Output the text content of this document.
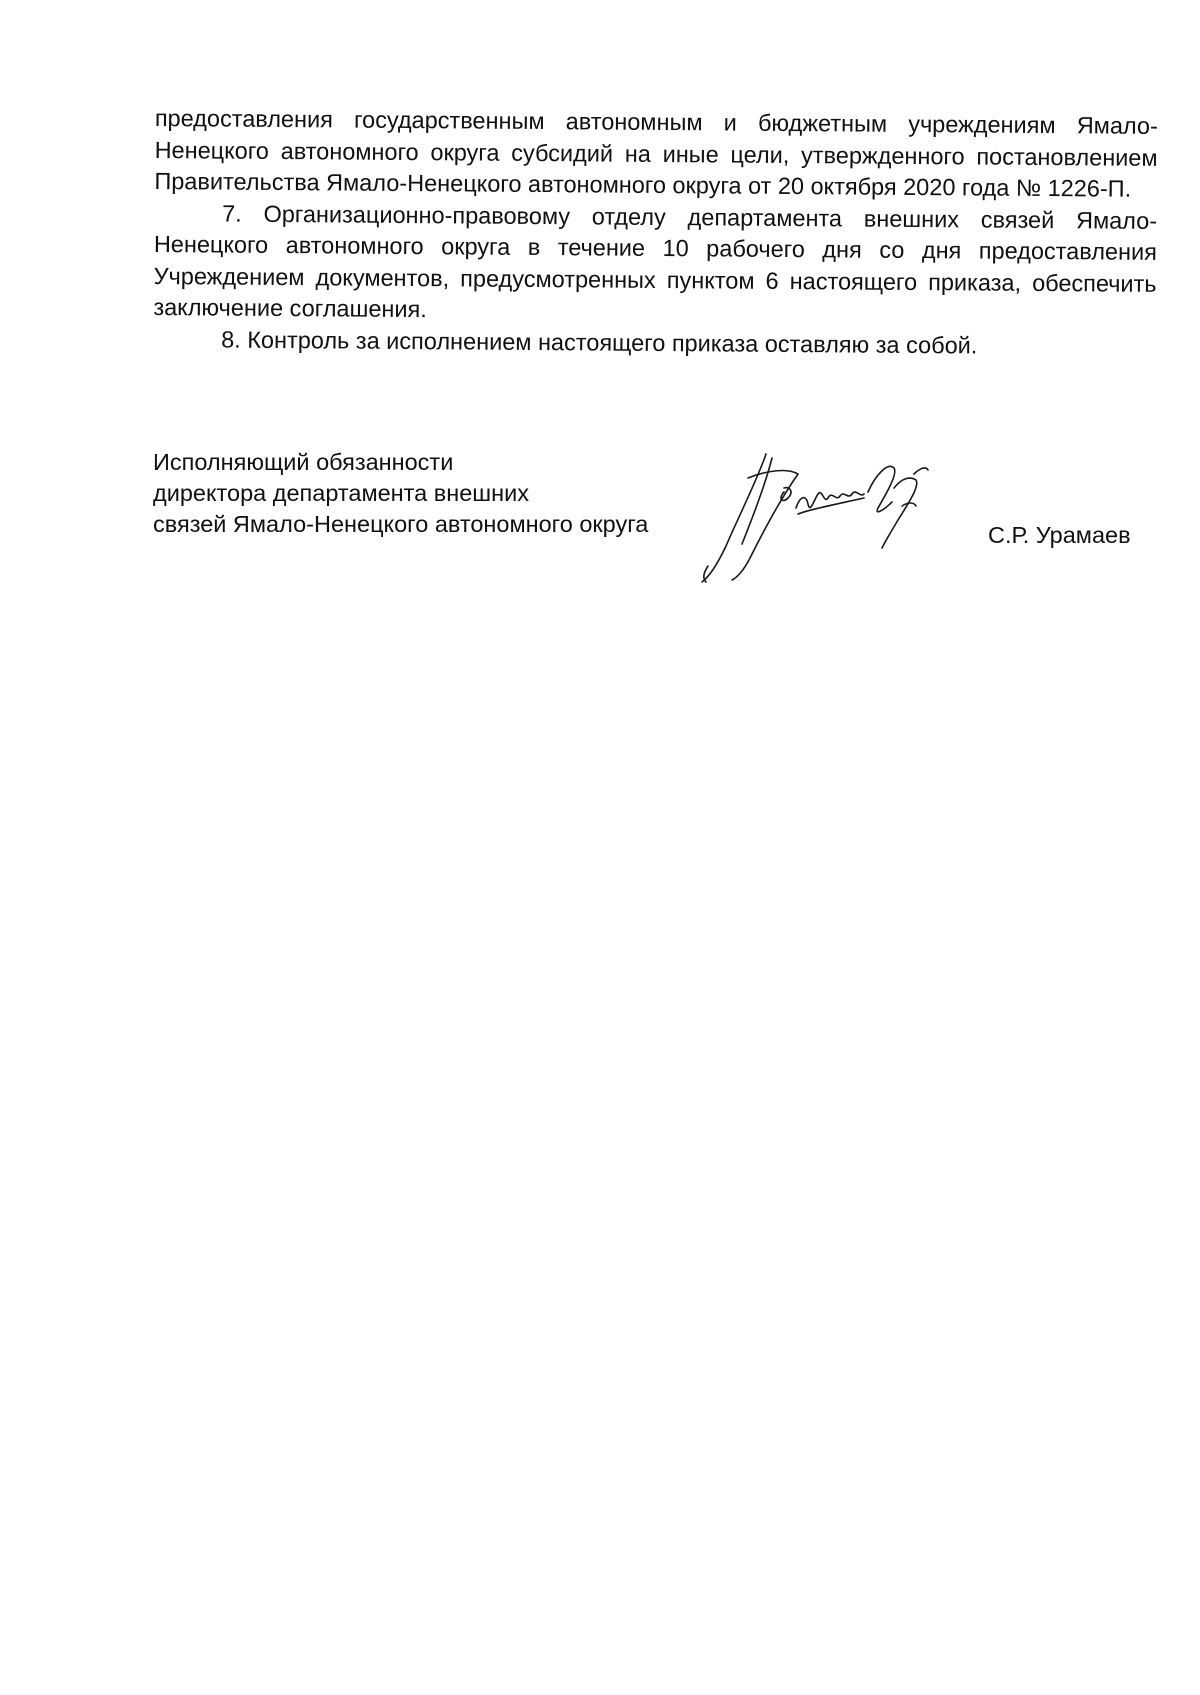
предоставления государственным автономным и бюджетным учреждениям Ямало-Ненецкого автономного округа субсидий на иные цели, утвержденного постановлением Правительства Ямало-Ненецкого автономного округа от 20 октября 2020 года № 1226-П.

7. Организационно-правовому отделу департамента внешних связей Ямало-Ненецкого автономного округа в течение 10 рабочего дня со дня предоставления Учреждением документов, предусмотренных пунктом 6 настоящего приказа, обеспечить заключение соглашения.

8. Контроль за исполнением настоящего приказа оставляю за собой.

Исполняющий обязанности
директора департамента внешних
связей Ямало-Ненецкого автономного округа	С.Р. Урамаев
